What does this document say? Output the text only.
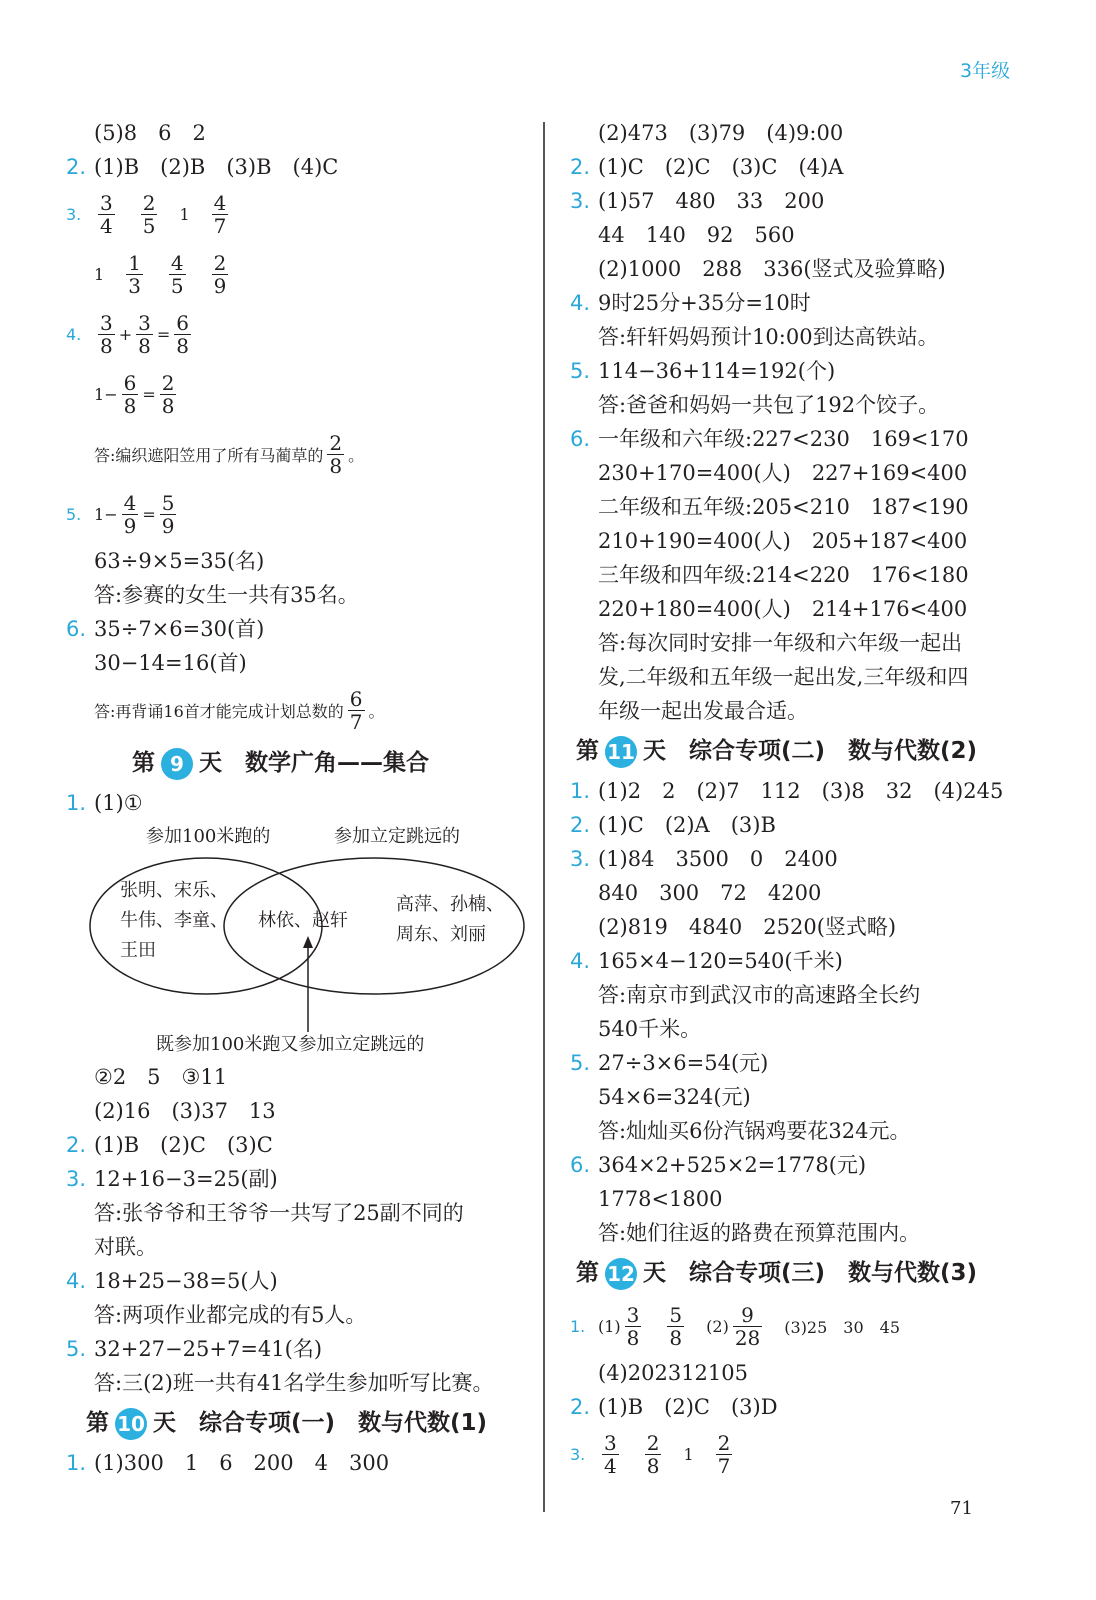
3年级
(5)8　6　2
2. (1)B　(2)B　(3)B　(4)C
3. $\frac{3}{4} \frac{2}{5} 1 \frac{4}{7}$
$1 \frac{1}{3} \frac{4}{5} \frac{2}{9}$
4. $\frac{3}{8} + \frac{3}{8} = \frac{6}{8}$
$1 - \frac{6}{8} = \frac{2}{8}$
答:编织遮阳笠用了所有马蔺草的 $\frac{2}{8}$ 。
5. $1 - \frac{4}{9} = \frac{5}{9}$
63÷9×5=35(名)
答:参赛的女生一共有35名。
6. 35÷7×6=30(首)
30−14=16(首)
答:再背诵16首才能完成计划总数的 $\frac{6}{7}$ 。
第 9 天　数学广角——集合
1. (1)①
参加100米跑的	参加立定跳远的
张明、宋乐、
牛伟、李童、
王田
林依、赵轩
高萍、孙楠、
周东、刘丽
既参加100米跑又参加立定跳远的
②2　5　③11
(2)16　(3)37　13
2. (1)B　(2)C　(3)C
3. 12+16−3=25(副)
答:张爷爷和王爷爷一共写了25副不同的
对联。
4. 18+25−38=5(人)
答:两项作业都完成的有5人。
5. 32+27−25+7=41(名)
答:三(2)班一共有41名学生参加听写比赛。
第 10 天　综合专项(一)　数与代数(1)
1. (1)300　1　6　200　4　300
(2)473　(3)79　(4)9:00
2. (1)C　(2)C　(3)C　(4)A
3. (1)57　480　33　200
44　140　92　560
(2)1000　288　336(竖式及验算略)
4. 9时25分+35分=10时
答:轩轩妈妈预计10:00到达高铁站。
5. 114−36+114=192(个)
答:爸爸和妈妈一共包了192个饺子。
6. 一年级和六年级:227<230　169<170
230+170=400(人)　227+169<400
二年级和五年级:205<210　187<190
210+190=400(人)　205+187<400
三年级和四年级:214<220　176<180
220+180=400(人)　214+176<400
答:每次同时安排一年级和六年级一起出
发,二年级和五年级一起出发,三年级和四
年级一起出发最合适。
第 11 天　综合专项(二)　数与代数(2)
1. (1)2　2　(2)7　112　(3)8　32　(4)245
2. (1)C　(2)A　(3)B
3. (1)84　3500　0　2400
840　300　72　4200
(2)819　4840　2520(竖式略)
4. 165×4−120=540(千米)
答:南京市到武汉市的高速路全长约
540千米。
5. 27÷3×6=54(元)
54×6=324(元)
答:灿灿买6份汽锅鸡要花324元。
6. 364×2+525×2=1778(元)
1778<1800
答:她们往返的路费在预算范围内。
第 12 天　综合专项(三)　数与代数(3)
1. $(1) \frac{3}{8} \frac{5}{8} (2) \frac{9}{28} (3)25$　30　45
(4)202312105
2. (1)B　(2)C　(3)D
3. $\frac{3}{4} \frac{2}{8} 1 \frac{2}{7}$
71
